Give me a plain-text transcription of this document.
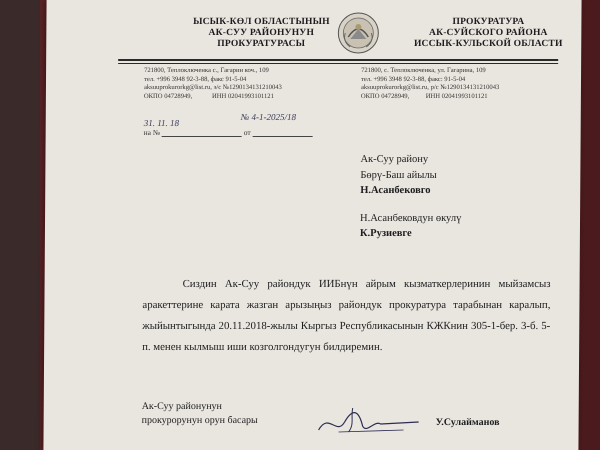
ЫСЫК-КӨЛ ОБЛАСТЫНЫН
АК-СУУ РАЙОНУНУН
ПРОКУРАТУРАСЫ
ПРОКУРАТУРА
АК-СУЙСКОГО РАЙОНА
ИССЫК-КУЛЬСКОЙ ОБЛАСТИ
721800, Теплоключенка с., Гагарин коч., 109
тел. +996 3948 92-3-88, факс 91-5-04
aksuuprokurorkg@list.ru, э/с №1290134131210043
ОКПО 04728949,            ИНН 02041993101121
721800, с. Теплоключенка, ул. Гагарина, 109
тел. +996 3948 92-3-88, факс: 91-5-04
aksuuprokurorkg@list.ru, р/с №1290134131210043
ОКПО 04728949,          ИНН 02041993101121
31. 11. 18
№ 4-1-2025/18
на №	от
Ак-Суу району
Бөрү-Баш айылы
Н.Асанбековго
Н.Асанбековдун өкулү
К.Рузиевге

Сиздин Ак-Суу райондук ИИБнүн айрым кызматкерлеринин мыйзамсыз аракеттерине карата жазган арызыңыз райондук прокуратура тарабынан каралып, жыйынтыгында 20.11.2018-жылы Кыргыз Республикасынын КЖКнин 305-1-бер. 3-б. 5-п. менен кылмыш иши козголгондугун билдиремин.

Ак-Суу районунун
прокурорунун орун басары	У.Сулайманов
